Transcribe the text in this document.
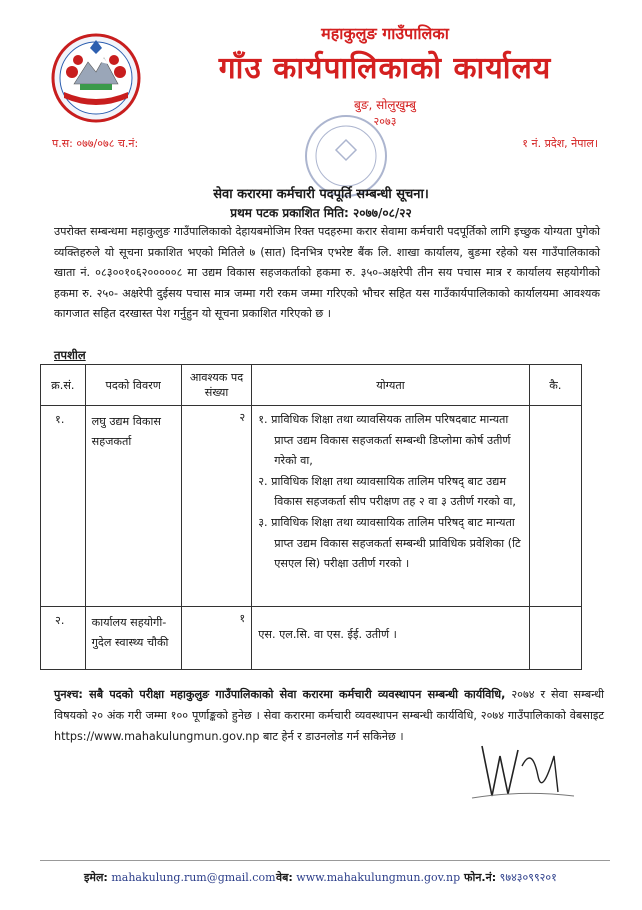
महाकुलुङ गाउँपालिका
गाँउ कार्यपालिकाको कार्यालय
बुङ, सोलुखुम्बु
२०७३
प.स: ०७७/०७८ च.नं:	१ नं. प्रदेश, नेपाल।
सेवा करारमा कर्मचारी पदपूर्ति सम्बन्धी सूचना।
प्रथम पटक प्रकाशित मिति: २०७७/०८/२२
उपरोक्त सम्बन्धमा महाकुलुङ गाउँपालिकाको देहायबमोजिम रिक्त पदहरुमा करार सेवामा कर्मचारी पदपूर्तिको लागि इच्छुक योग्यता पुगेको व्यक्तिहरुले यो सूचना प्रकाशित भएको मितिले ७ (सात) दिनभित्र एभरेष्ट बैंक लि. शाखा कार्यालय, बुङमा रहेको यस गाउँपालिकाको खाता नं. ०८३००१०६२०००००८ मा उद्यम विकास सहजकर्ताको हकमा रु. ३५०-अक्षरेपी तीन सय पचास मात्र र कार्यालय सहयोगीको हकमा रु. २५०- अक्षरेपी दुईसय पचास मात्र जम्मा गरी रकम जम्मा गरिएको भौचर सहित यस गाउँकार्यपालिकाको कार्यालयमा आवश्यक कागजात सहित दरखास्त पेश गर्नुहुन यो सूचना प्रकाशित गरिएको छ ।
तपशील
क्र.सं.	पदको विवरण	आवश्यक पद संख्या	योग्यता	कै.

१.	लघु उद्यम विकास सहजकर्ता	२	१. प्राविधिक शिक्षा तथा व्यावसियक तालिम परिषदबाट मान्यता प्राप्त उद्यम विकास सहजकर्ता सम्बन्धी डिप्लोमा कोर्ष उतीर्ण गरेको वा,
२. प्राविधिक शिक्षा तथा व्यावसायिक तालिम परिषद् बाट उद्यम विकास सहजकर्ता सीप परीक्षण तह २ वा ३ उतीर्ण गरको वा,
३. प्राविधिक शिक्षा तथा व्यावसायिक तालिम परिषद् बाट मान्यता प्राप्त उद्यम विकास सहजकर्ता सम्बन्धी प्राविधिक प्रवेशिका (टि एसएल सि) परीक्षा उतीर्ण गरको ।	

२.	कार्यालय सहयोगी- गुदेल स्वास्थ्य चौकी	१	एस. एल.सि. वा एस. ईई. उतीर्ण ।	

पुनश्च: सबै पदको परीक्षा महाकुलुङ गाउँपालिकाको सेवा करारमा कर्मचारी व्यवस्थापन सम्बन्धी कार्यविधि, २०७४ र सेवा सम्बन्धी विषयको २० अंक गरी जम्मा १०० पूर्णाङ्कको हुनेछ । सेवा करारमा कर्मचारी व्यवस्थापन सम्बन्धी कार्यविधि, २०७४ गाउँपालिकाको वेबसाइट https://www.mahakulungmun.gov.np बाट हेर्न र डाउनलोड गर्न सकिनेछ ।
इमेल: mahakulung.rum@gmail.com वेब: www.mahakulungmun.gov.np फोन.नं: ९७४३०९९२०१
